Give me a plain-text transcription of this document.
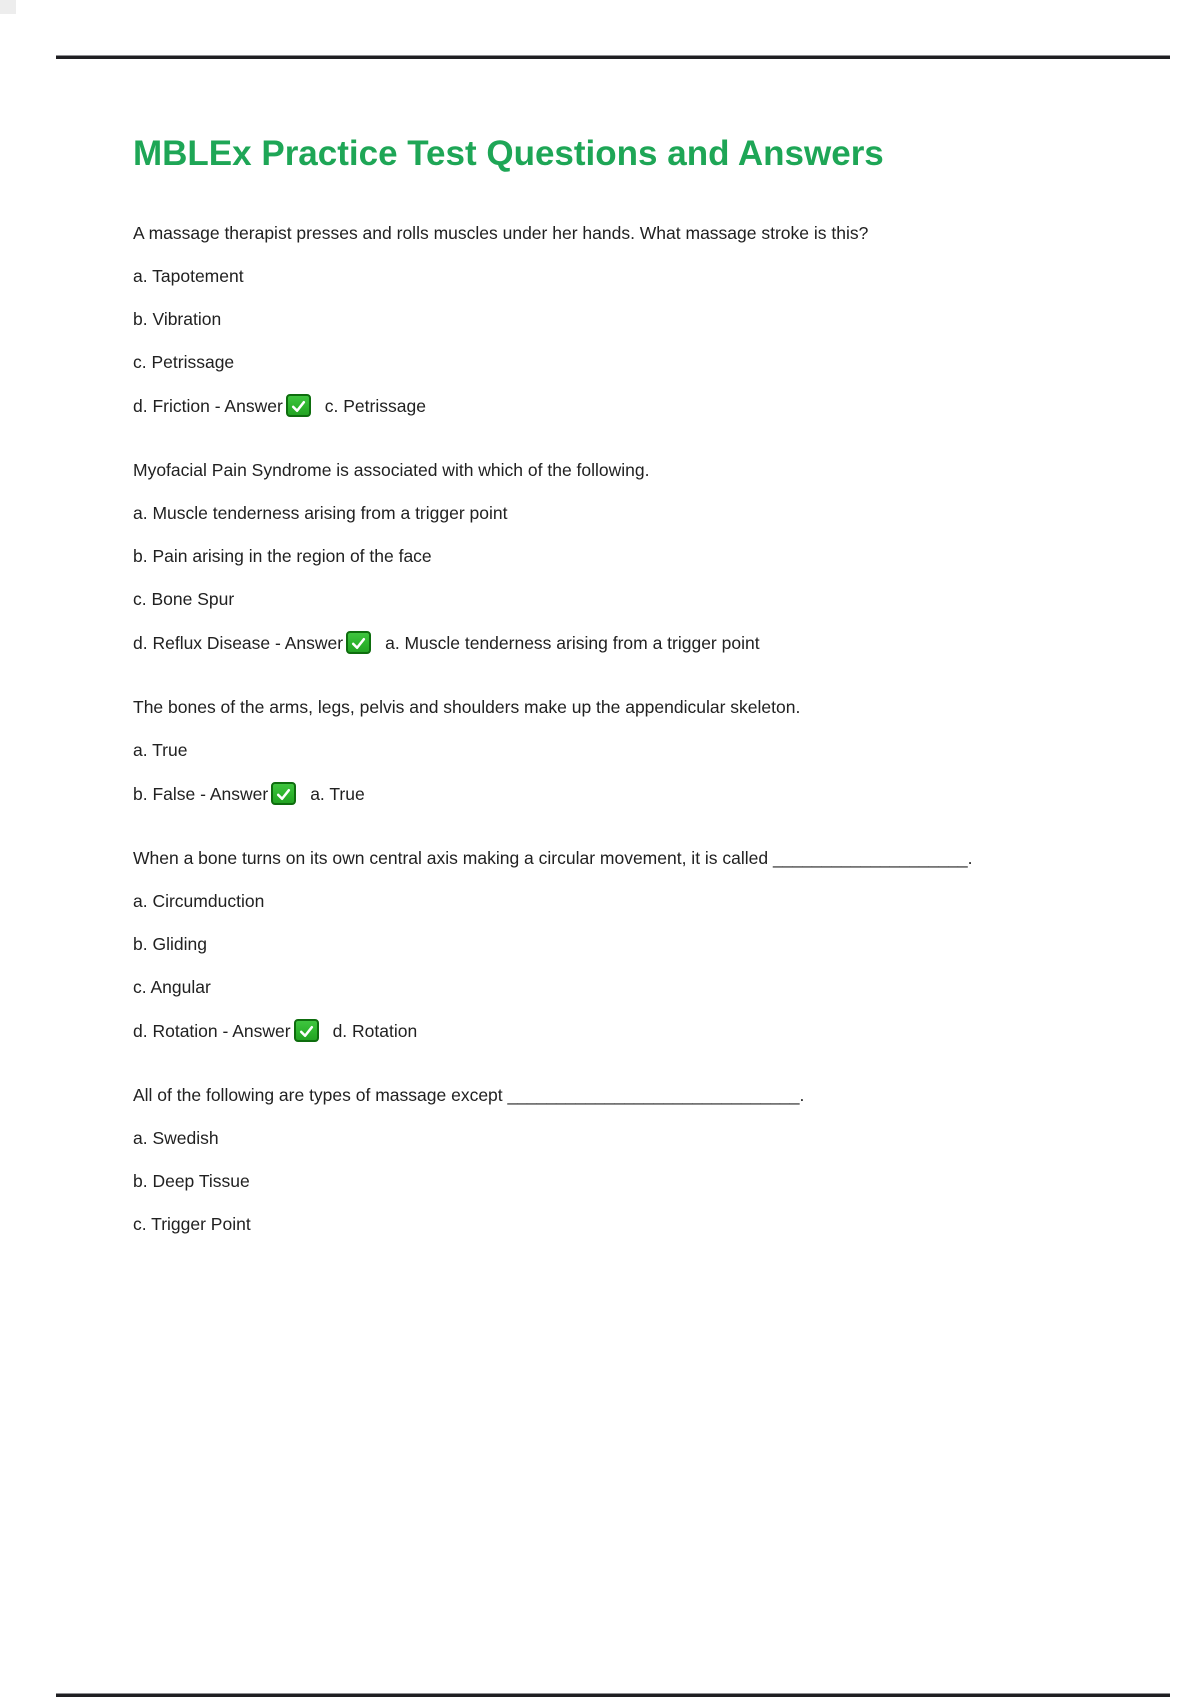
MBLEx Practice Test Questions and Answers

A massage therapist presses and rolls muscles under her hands. What massage stroke is this?

a. Tapotement

b. Vibration

c. Petrissage

d. Friction - Answer c. Petrissage

Myofacial Pain Syndrome is associated with which of the following.

a. Muscle tenderness arising from a trigger point

b. Pain arising in the region of the face

c. Bone Spur

d. Reflux Disease - Answer a. Muscle tenderness arising from a trigger point

The bones of the arms, legs, pelvis and shoulders make up the appendicular skeleton.

a. True

b. False - Answer a. True

When a bone turns on its own central axis making a circular movement, it is called ____________________.

a. Circumduction

b. Gliding

c. Angular

d. Rotation - Answer d. Rotation

All of the following are types of massage except ______________________________.

a. Swedish

b. Deep Tissue

c. Trigger Point
